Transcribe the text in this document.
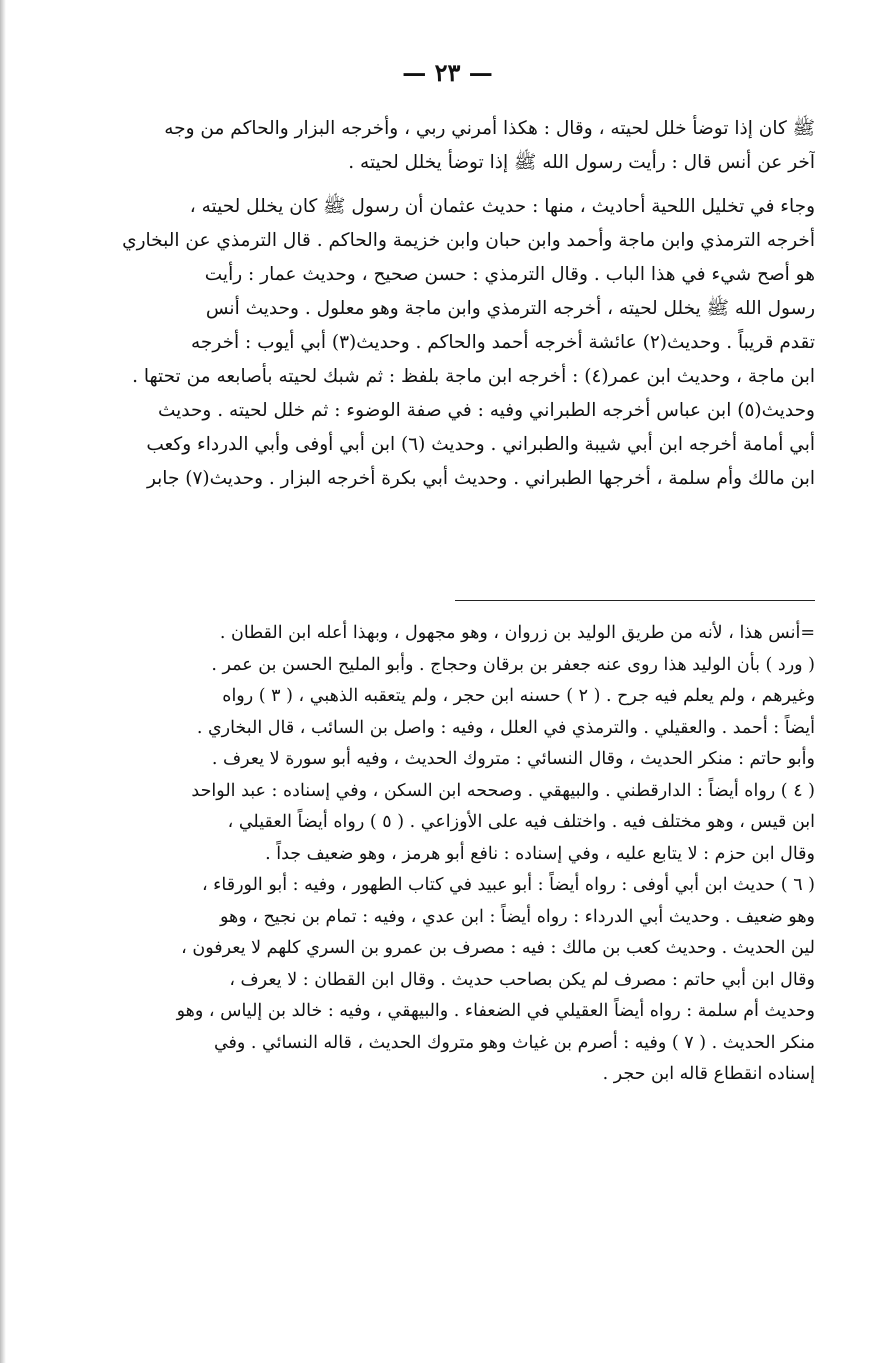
— ٢٣ —

ﷺ كان إذا توضأ خلل لحيته ، وقال : هكذا أمرني ربي ، وأخرجه البزار والحاكم من وجه

آخر عن أنس قال : رأيت رسول الله ﷺ إذا توضأ يخلل لحيته .

وجاء في تخليل اللحية أحاديث ، منها : حديث عثمان أن رسول ﷺ كان يخلل لحيته ،

أخرجه الترمذي وابن ماجة وأحمد وابن حبان وابن خزيمة والحاكم . قال الترمذي عن البخاري

هو أصح شيء في هذا الباب . وقال الترمذي : حسن صحيح ، وحديث عمار : رأيت

رسول الله ﷺ يخلل لحيته ، أخرجه الترمذي وابن ماجة وهو معلول . وحديث أنس

تقدم قريباً . وحديث(٢) عائشة أخرجه أحمد والحاكم . وحديث(٣) أبي أيوب : أخرجه

ابن ماجة ، وحديث ابن عمر(٤) : أخرجه ابن ماجة بلفظ : ثم شبك لحيته بأصابعه من تحتها .

وحديث(٥) ابن عباس أخرجه الطبراني وفيه : في صفة الوضوء : ثم خلل لحيته . وحديث

أبي أمامة أخرجه ابن أبي شيبة والطبراني . وحديث (٦) ابن أبي أوفى وأبي الدرداء وكعب

ابن مالك وأم سلمة ، أخرجها الطبراني . وحديث أبي بكرة أخرجه البزار . وحديث(٧) جابر

=أنس هذا ، لأنه من طريق الوليد بن زروان ، وهو مجهول ، وبهذا أعله ابن القطان .

( ورد ) بأن الوليد هذا روى عنه جعفر بن برقان وحجاج . وأبو المليح الحسن بن عمر .

وغيرهم ، ولم يعلم فيه جرح . ( ٢ ) حسنه ابن حجر ، ولم يتعقبه الذهبي ، ( ٣ ) رواه

أيضاً : أحمد . والعقيلي . والترمذي في العلل ، وفيه : واصل بن السائب ، قال البخاري .

وأبو حاتم : منكر الحديث ، وقال النسائي : متروك الحديث ، وفيه أبو سورة لا يعرف .

( ٤ ) رواه أيضاً : الدارقطني . والبيهقي . وصححه ابن السكن ، وفي إسناده : عبد الواحد

ابن قيس ، وهو مختلف فيه . واختلف فيه على الأوزاعي . ( ٥ ) رواه أيضاً العقيلي ،

وقال ابن حزم : لا يتابع عليه ، وفي إسناده : نافع أبو هرمز ، وهو ضعيف جداً .

( ٦ ) حديث ابن أبي أوفى : رواه أيضاً : أبو عبيد في كتاب الطهور ، وفيه : أبو الورقاء ،

وهو ضعيف . وحديث أبي الدرداء : رواه أيضاً : ابن عدي ، وفيه : تمام بن نجيح ، وهو

لين الحديث . وحديث كعب بن مالك : فيه : مصرف بن عمرو بن السري كلهم لا يعرفون ،

وقال ابن أبي حاتم : مصرف لم يكن بصاحب حديث . وقال ابن القطان : لا يعرف ،

وحديث أم سلمة : رواه أيضاً العقيلي في الضعفاء . والبيهقي ، وفيه : خالد بن إلياس ، وهو

منكر الحديث . ( ٧ ) وفيه : أصرم بن غياث وهو متروك الحديث ، قاله النسائي . وفي

إسناده انقطاع قاله ابن حجر .
